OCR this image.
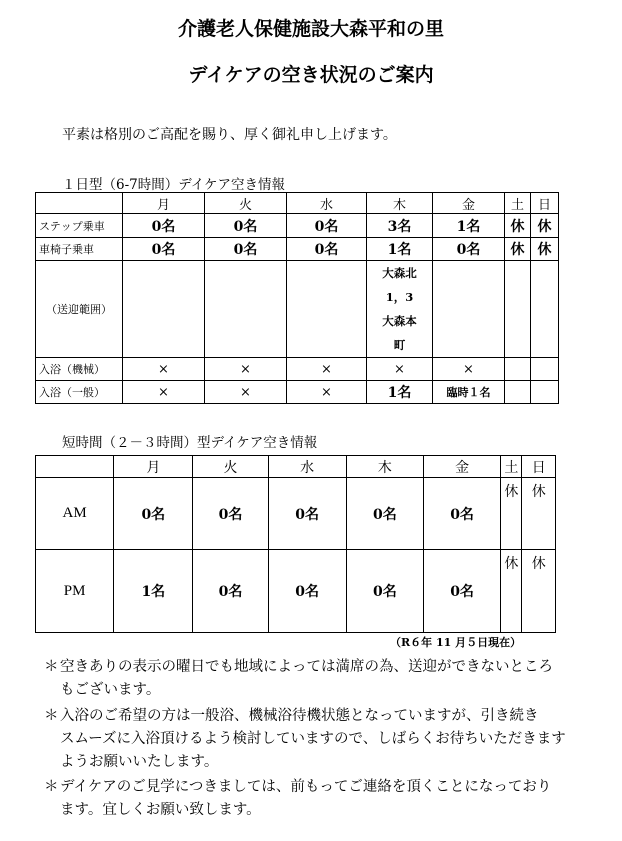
介護老人保健施設大森平和の里
デイケアの空き状況のご案内
平素は格別のご高配を賜り、厚く御礼申し上げます。
１日型（6-7時間）デイケア空き情報
	月	火	水	木	金	土	日
ステップ乗車	0名	0名	0名	3名	1名	休	休
車椅子乗車	0名	0名	0名	1名	0名	休	休
（送迎範囲）				大森北
1，3
大森本
町			
入浴（機械）	×	×	×	×	×		
入浴（一般）	×	×	×	1名	臨時１名		
短時間（２－３時間）型デイケア空き情報
	月	火	水	木	金	土	日
AM	0名	0名	0名	0名	0名	休	休
PM	1名	0名	0名	0名	0名	休	休
（R６年 11 月５日現在）
＊ 空きありの表示の曜日でも地域によっては満席の為、送迎ができないところ
もございます。
＊ 入浴のご希望の方は一般浴、機械浴待機状態となっていますが、引き続き
スムーズに入浴頂けるよう検討していますので、しばらくお待ちいただきます
ようお願いいたします。
＊ デイケアのご見学につきましては、前もってご連絡を頂くことになっており
ます。宜しくお願い致します。
